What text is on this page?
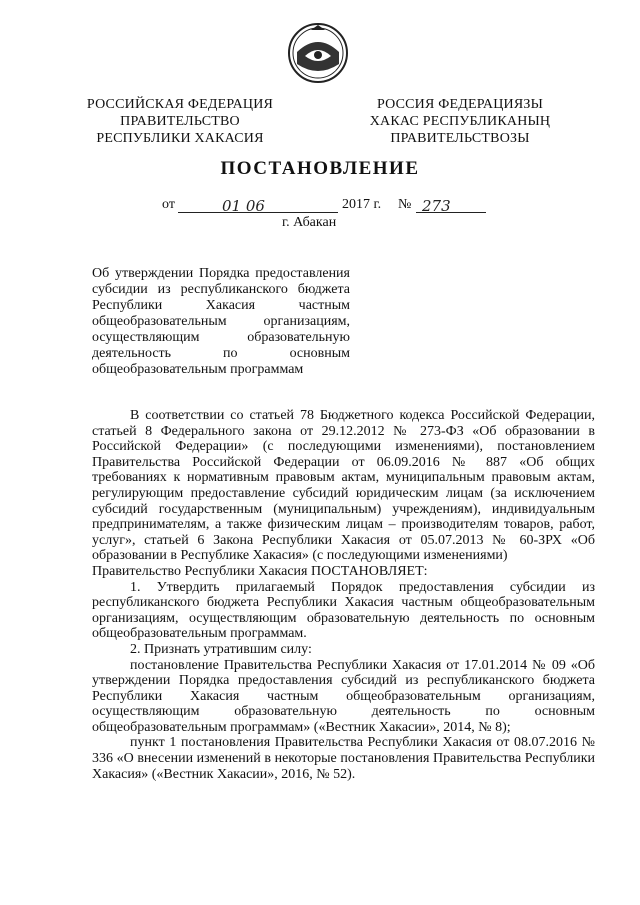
РОССИЙСКАЯ ФЕДЕРАЦИЯ
ПРАВИТЕЛЬСТВО
РЕСПУБЛИКИ ХАКАСИЯ
РОССИЯ ФЕДЕРАЦИЯЗЫ
ХАКАС РЕСПУБЛИКАНЫҢ
ПРАВИТЕЛЬСТВОЗЫ
ПОСТАНОВЛЕНИЕ
от	01 06	2017 г. № 273
г. Абакан
Об утверждении Порядка предоставления
субсидии из республиканского бюджета
Республики Хакасия частным
общеобразовательным организациям,
осуществляющим образовательную
деятельность по основным
общеобразовательным программам

В соответствии со статьей 78 Бюджетного кодекса Российской Федерации, статьей 8 Федерального закона от 29.12.2012 № 273-ФЗ «Об образовании в Российской Федерации» (с последующими изменениями), постановлением Правительства Российской Федерации от 06.09.2016 № 887 «Об общих требованиях к нормативным правовым актам, муниципальным правовым актам, регулирующим предоставление субсидий юридическим лицам (за исключением субсидий государственным (муниципальным) учреждениям), индивидуальным предпринимателям, а также физическим лицам – производителям товаров, работ, услуг», статьей 6 Закона Республики Хакасия от 05.07.2013 № 60-ЗРХ «Об образовании в Республике Хакасия» (с последующими изменениями)

Правительство Республики Хакасия ПОСТАНОВЛЯЕТ:

1. Утвердить прилагаемый Порядок предоставления субсидии из республиканского бюджета Республики Хакасия частным общеобразовательным организациям, осуществляющим образовательную деятельность по основным общеобразовательным программам.

2. Признать утратившим силу:

постановление Правительства Республики Хакасия от 17.01.2014 № 09 «Об утверждении Порядка предоставления субсидий из республиканского бюджета Республики Хакасия частным общеобразовательным организациям, осуществляющим образовательную деятельность по основным общеобразовательным программам» («Вестник Хакасии», 2014, № 8);

пункт 1 постановления Правительства Республики Хакасия от 08.07.2016 № 336 «О внесении изменений в некоторые постановления Правительства Республики Хакасия» («Вестник Хакасии», 2016, № 52).
